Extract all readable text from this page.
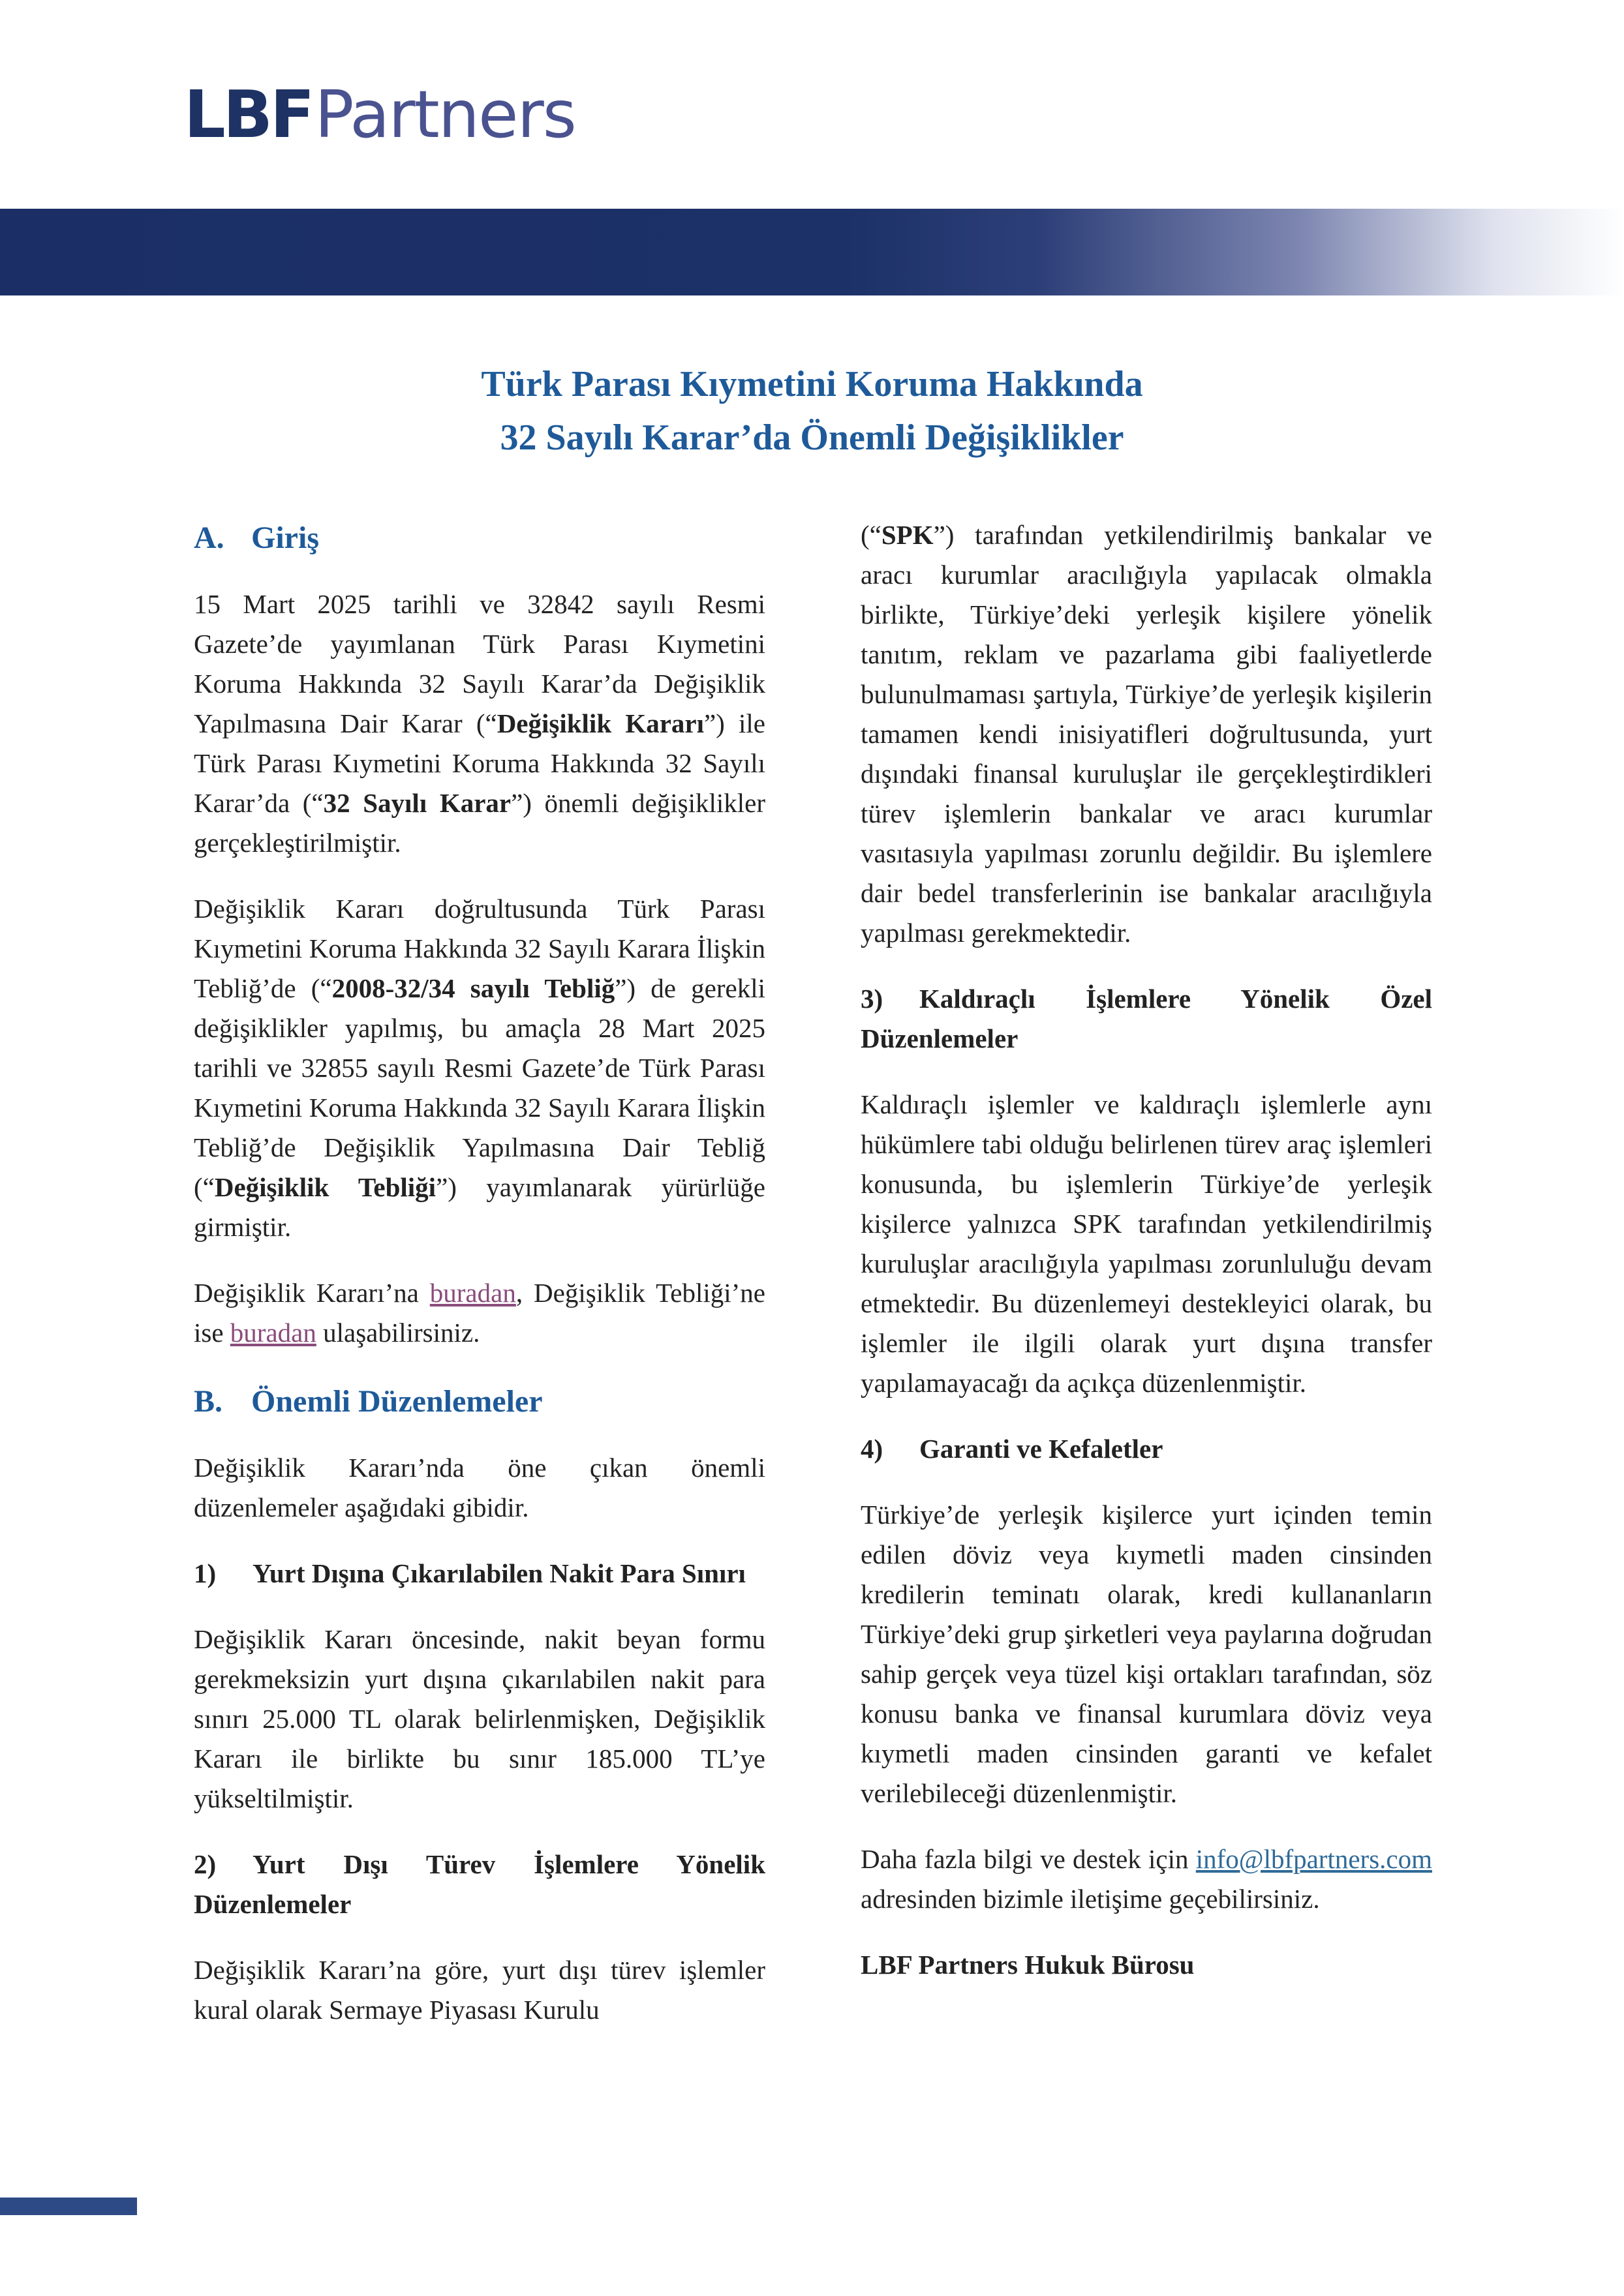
LBF Partners
Türk Parası Kıymetini Koruma Hakkında
32 Sayılı Karar’da Önemli Değişiklikler
A. Giriş

15 Mart 2025 tarihli ve 32842 sayılı Resmi Gazete’de yayımlanan Türk Parası Kıymetini Koruma Hakkında 32 Sayılı Karar’da Değişiklik Yapılmasına Dair Karar (“Değişiklik Kararı”) ile Türk Parası Kıymetini Koruma Hakkında 32 Sayılı Karar’da (“32 Sayılı Karar”) önemli değişiklikler gerçekleştirilmiştir.

Değişiklik Kararı doğrultusunda Türk Parası Kıymetini Koruma Hakkında 32 Sayılı Karara İlişkin Tebliğ’de (“2008-32/34 sayılı Tebliğ”) de gerekli değişiklikler yapılmış, bu amaçla 28 Mart 2025 tarihli ve 32855 sayılı Resmi Gazete’de Türk Parası Kıymetini Koruma Hakkında 32 Sayılı Karara İlişkin Tebliğ’de Değişiklik Yapılmasına Dair Tebliğ (“Değişiklik Tebliği”) yayımlanarak yürürlüğe girmiştir.

Değişiklik Kararı’na buradan, Değişiklik Tebliği’ne ise buradan ulaşabilirsiniz.

B. Önemli Düzenlemeler

Değişiklik Kararı’nda öne çıkan önemli düzenlemeler aşağıdaki gibidir.

1) Yurt Dışına Çıkarılabilen Nakit Para Sınırı

Değişiklik Kararı öncesinde, nakit beyan formu gerekmeksizin yurt dışına çıkarılabilen nakit para sınırı 25.000 TL olarak belirlenmişken, Değişiklik Kararı ile birlikte bu sınır 185.000 TL’ye yükseltilmiştir.

2) Yurt Dışı Türev İşlemlere Yönelik Düzenlemeler

Değişiklik Kararı’na göre, yurt dışı türev işlemler kural olarak Sermaye Piyasası Kurulu

(“SPK”) tarafından yetkilendirilmiş bankalar ve aracı kurumlar aracılığıyla yapılacak olmakla birlikte, Türkiye’deki yerleşik kişilere yönelik tanıtım, reklam ve pazarlama gibi faaliyetlerde bulunulmaması şartıyla, Türkiye’de yerleşik kişilerin tamamen kendi inisiyatifleri doğrultusunda, yurt dışındaki finansal kuruluşlar ile gerçekleştirdikleri türev işlemlerin bankalar ve aracı kurumlar vasıtasıyla yapılması zorunlu değildir. Bu işlemlere dair bedel transferlerinin ise bankalar aracılığıyla yapılması gerekmektedir.

3) Kaldıraçlı İşlemlere Yönelik Özel Düzenlemeler

Kaldıraçlı işlemler ve kaldıraçlı işlemlerle aynı hükümlere tabi olduğu belirlenen türev araç işlemleri konusunda, bu işlemlerin Türkiye’de yerleşik kişilerce yalnızca SPK tarafından yetkilendirilmiş kuruluşlar aracılığıyla yapılması zorunluluğu devam etmektedir. Bu düzenlemeyi destekleyici olarak, bu işlemler ile ilgili olarak yurt dışına transfer yapılamayacağı da açıkça düzenlenmiştir.

4) Garanti ve Kefaletler

Türkiye’de yerleşik kişilerce yurt içinden temin edilen döviz veya kıymetli maden cinsinden kredilerin teminatı olarak, kredi kullananların Türkiye’deki grup şirketleri veya paylarına doğrudan sahip gerçek veya tüzel kişi ortakları tarafından, söz konusu banka ve finansal kurumlara döviz veya kıymetli maden cinsinden garanti ve kefalet verilebileceği düzenlenmiştir.

Daha fazla bilgi ve destek için info@lbfpartners.com adresinden bizimle iletişime geçebilirsiniz.

LBF Partners Hukuk Bürosu
